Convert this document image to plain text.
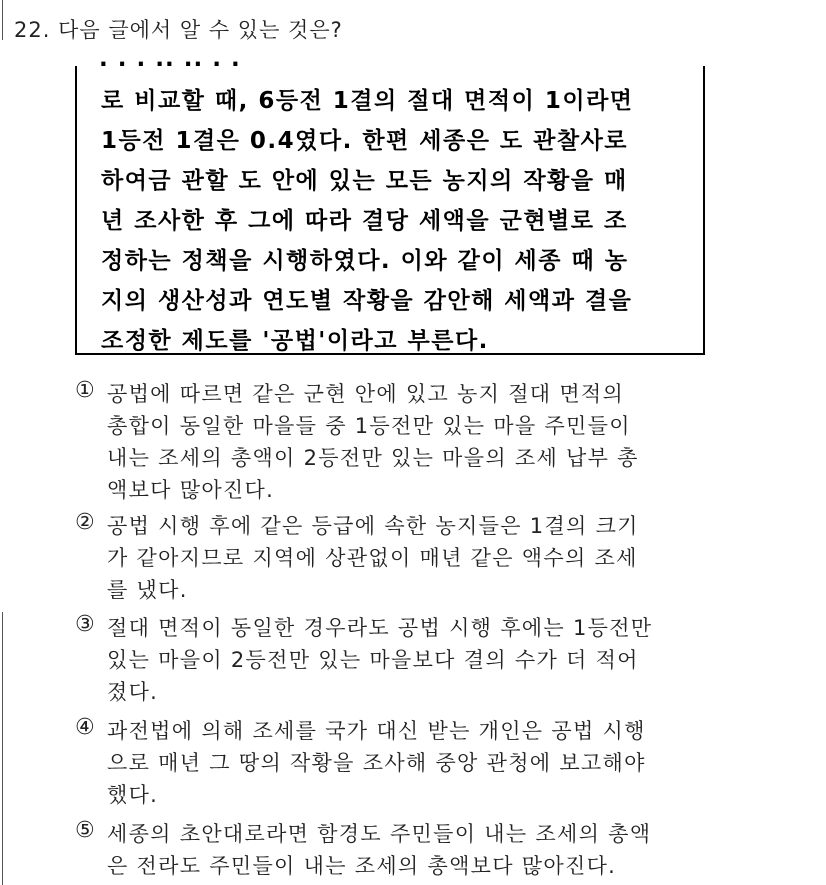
22. 다음 글에서 알 수 있는 것은?
· · · ·· ·· · ·
로 비교할 때, 6등전 1결의 절대 면적이 1이라면
1등전 1결은 0.4였다. 한편 세종은 도 관찰사로
하여금 관할 도 안에 있는 모든 농지의 작황을 매
년 조사한 후 그에 따라 결당 세액을 군현별로 조
정하는 정책을 시행하였다. 이와 같이 세종 때 농
지의 생산성과 연도별 작황을 감안해 세액과 결을
조정한 제도를 '공법'이라고 부른다.
① 공법에 따르면 같은 군현 안에 있고 농지 절대 면적의
총합이 동일한 마을들 중 1등전만 있는 마을 주민들이
내는 조세의 총액이 2등전만 있는 마을의 조세 납부 총
액보다 많아진다.
② 공법 시행 후에 같은 등급에 속한 농지들은 1결의 크기
가 같아지므로 지역에 상관없이 매년 같은 액수의 조세
를 냈다.
③ 절대 면적이 동일한 경우라도 공법 시행 후에는 1등전만
있는 마을이 2등전만 있는 마을보다 결의 수가 더 적어
졌다.
④ 과전법에 의해 조세를 국가 대신 받는 개인은 공법 시행
으로 매년 그 땅의 작황을 조사해 중앙 관청에 보고해야
했다.
⑤ 세종의 초안대로라면 함경도 주민들이 내는 조세의 총액
은 전라도 주민들이 내는 조세의 총액보다 많아진다.
